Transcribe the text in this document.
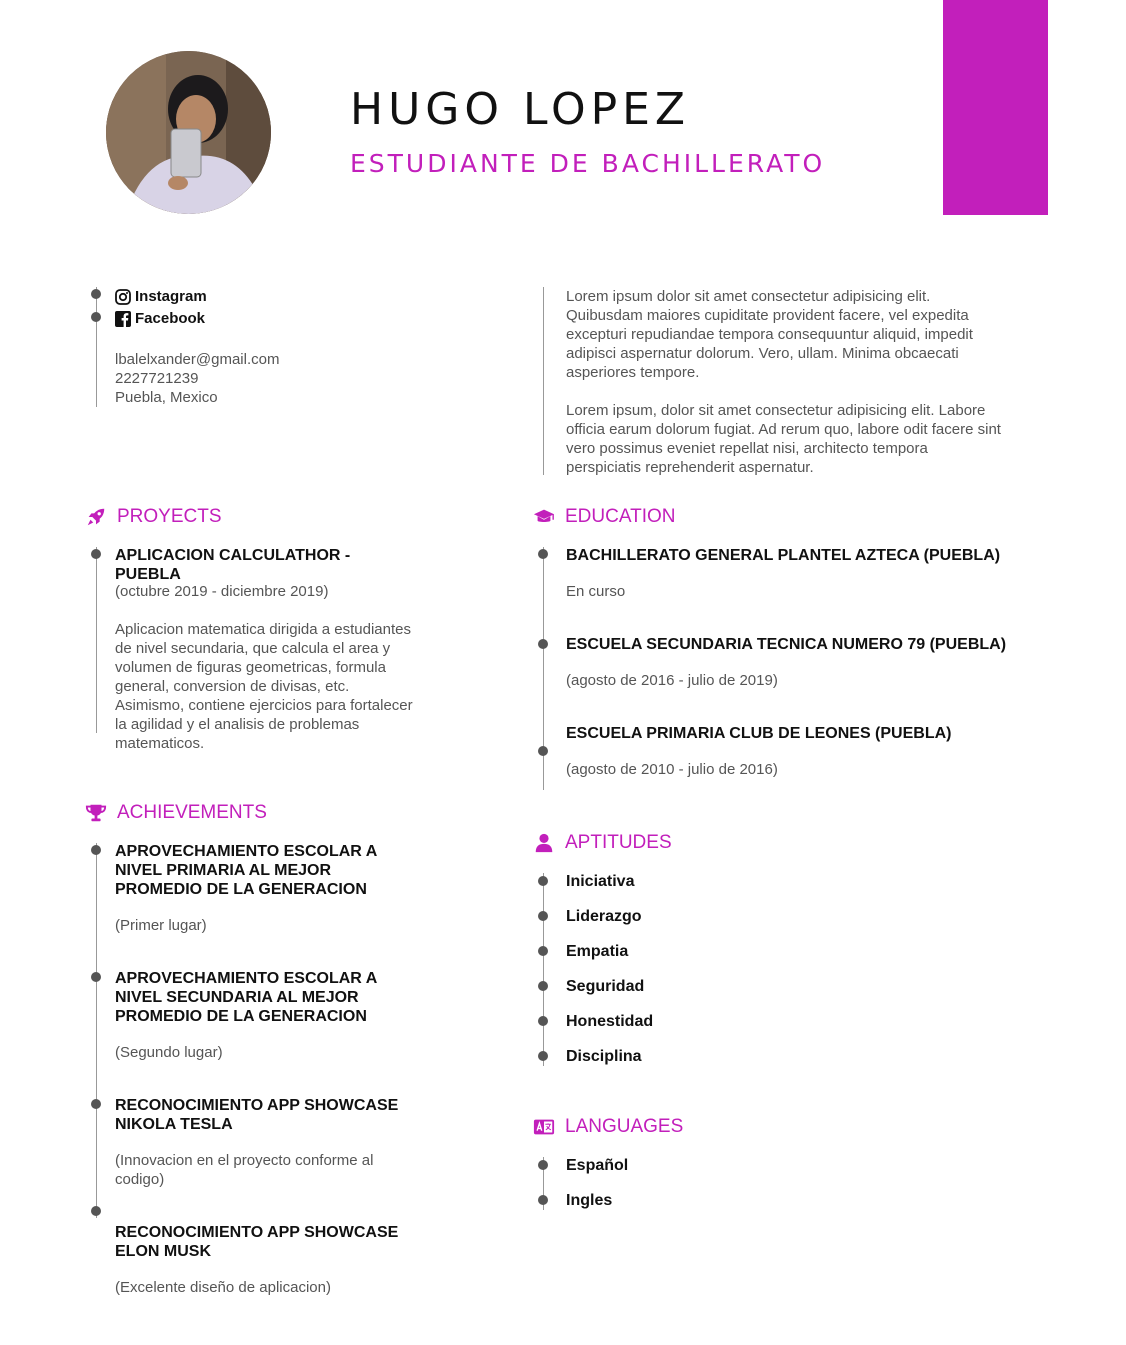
HUGO LOPEZ
ESTUDIANTE DE BACHILLERATO
Instagram
Facebook

lbalelxander@gmail.com

2227721239

Puebla, Mexico

Lorem ipsum dolor sit amet consectetur adipisicing elit. Quibusdam maiores cupiditate provident facere, vel expedita excepturi repudiandae tempora consequuntur aliquid, impedit adipisci aspernatur dolorum. Vero, ullam. Minima obcaecati asperiores tempore.

Lorem ipsum, dolor sit amet consectetur adipisicing elit. Labore officia earum dolorum fugiat. Ad rerum quo, labore odit facere sint vero possimus eveniet repellat nisi, architecto tempora perspiciatis reprehenderit aspernatur.

PROYECTS

APLICACION CALCULATHOR - PUEBLA

(octubre 2019 - diciembre 2019)

Aplicacion matematica dirigida a estudiantes de nivel secundaria, que calcula el area y volumen de figuras geometricas, formula general, conversion de divisas, etc. Asimismo, contiene ejercicios para fortalecer la agilidad y el analisis de problemas matematicos.

EDUCATION

BACHILLERATO GENERAL PLANTEL AZTECA (PUEBLA)

En curso

ESCUELA SECUNDARIA TECNICA NUMERO 79 (PUEBLA)

(agosto de 2016 - julio de 2019)

ESCUELA PRIMARIA CLUB DE LEONES (PUEBLA)

(agosto de 2010 - julio de 2016)

ACHIEVEMENTS

APROVECHAMIENTO ESCOLAR A NIVEL PRIMARIA AL MEJOR PROMEDIO DE LA GENERACION

(Primer lugar)

APROVECHAMIENTO ESCOLAR A NIVEL SECUNDARIA AL MEJOR PROMEDIO DE LA GENERACION

(Segundo lugar)

RECONOCIMIENTO APP SHOWCASE NIKOLA TESLA

(Innovacion en el proyecto conforme al codigo)

RECONOCIMIENTO APP SHOWCASE ELON MUSK

(Excelente diseño de aplicacion)

APTITUDES

Iniciativa

Liderazgo

Empatia

Seguridad

Honestidad

Disciplina

LANGUAGES

Español

Ingles
